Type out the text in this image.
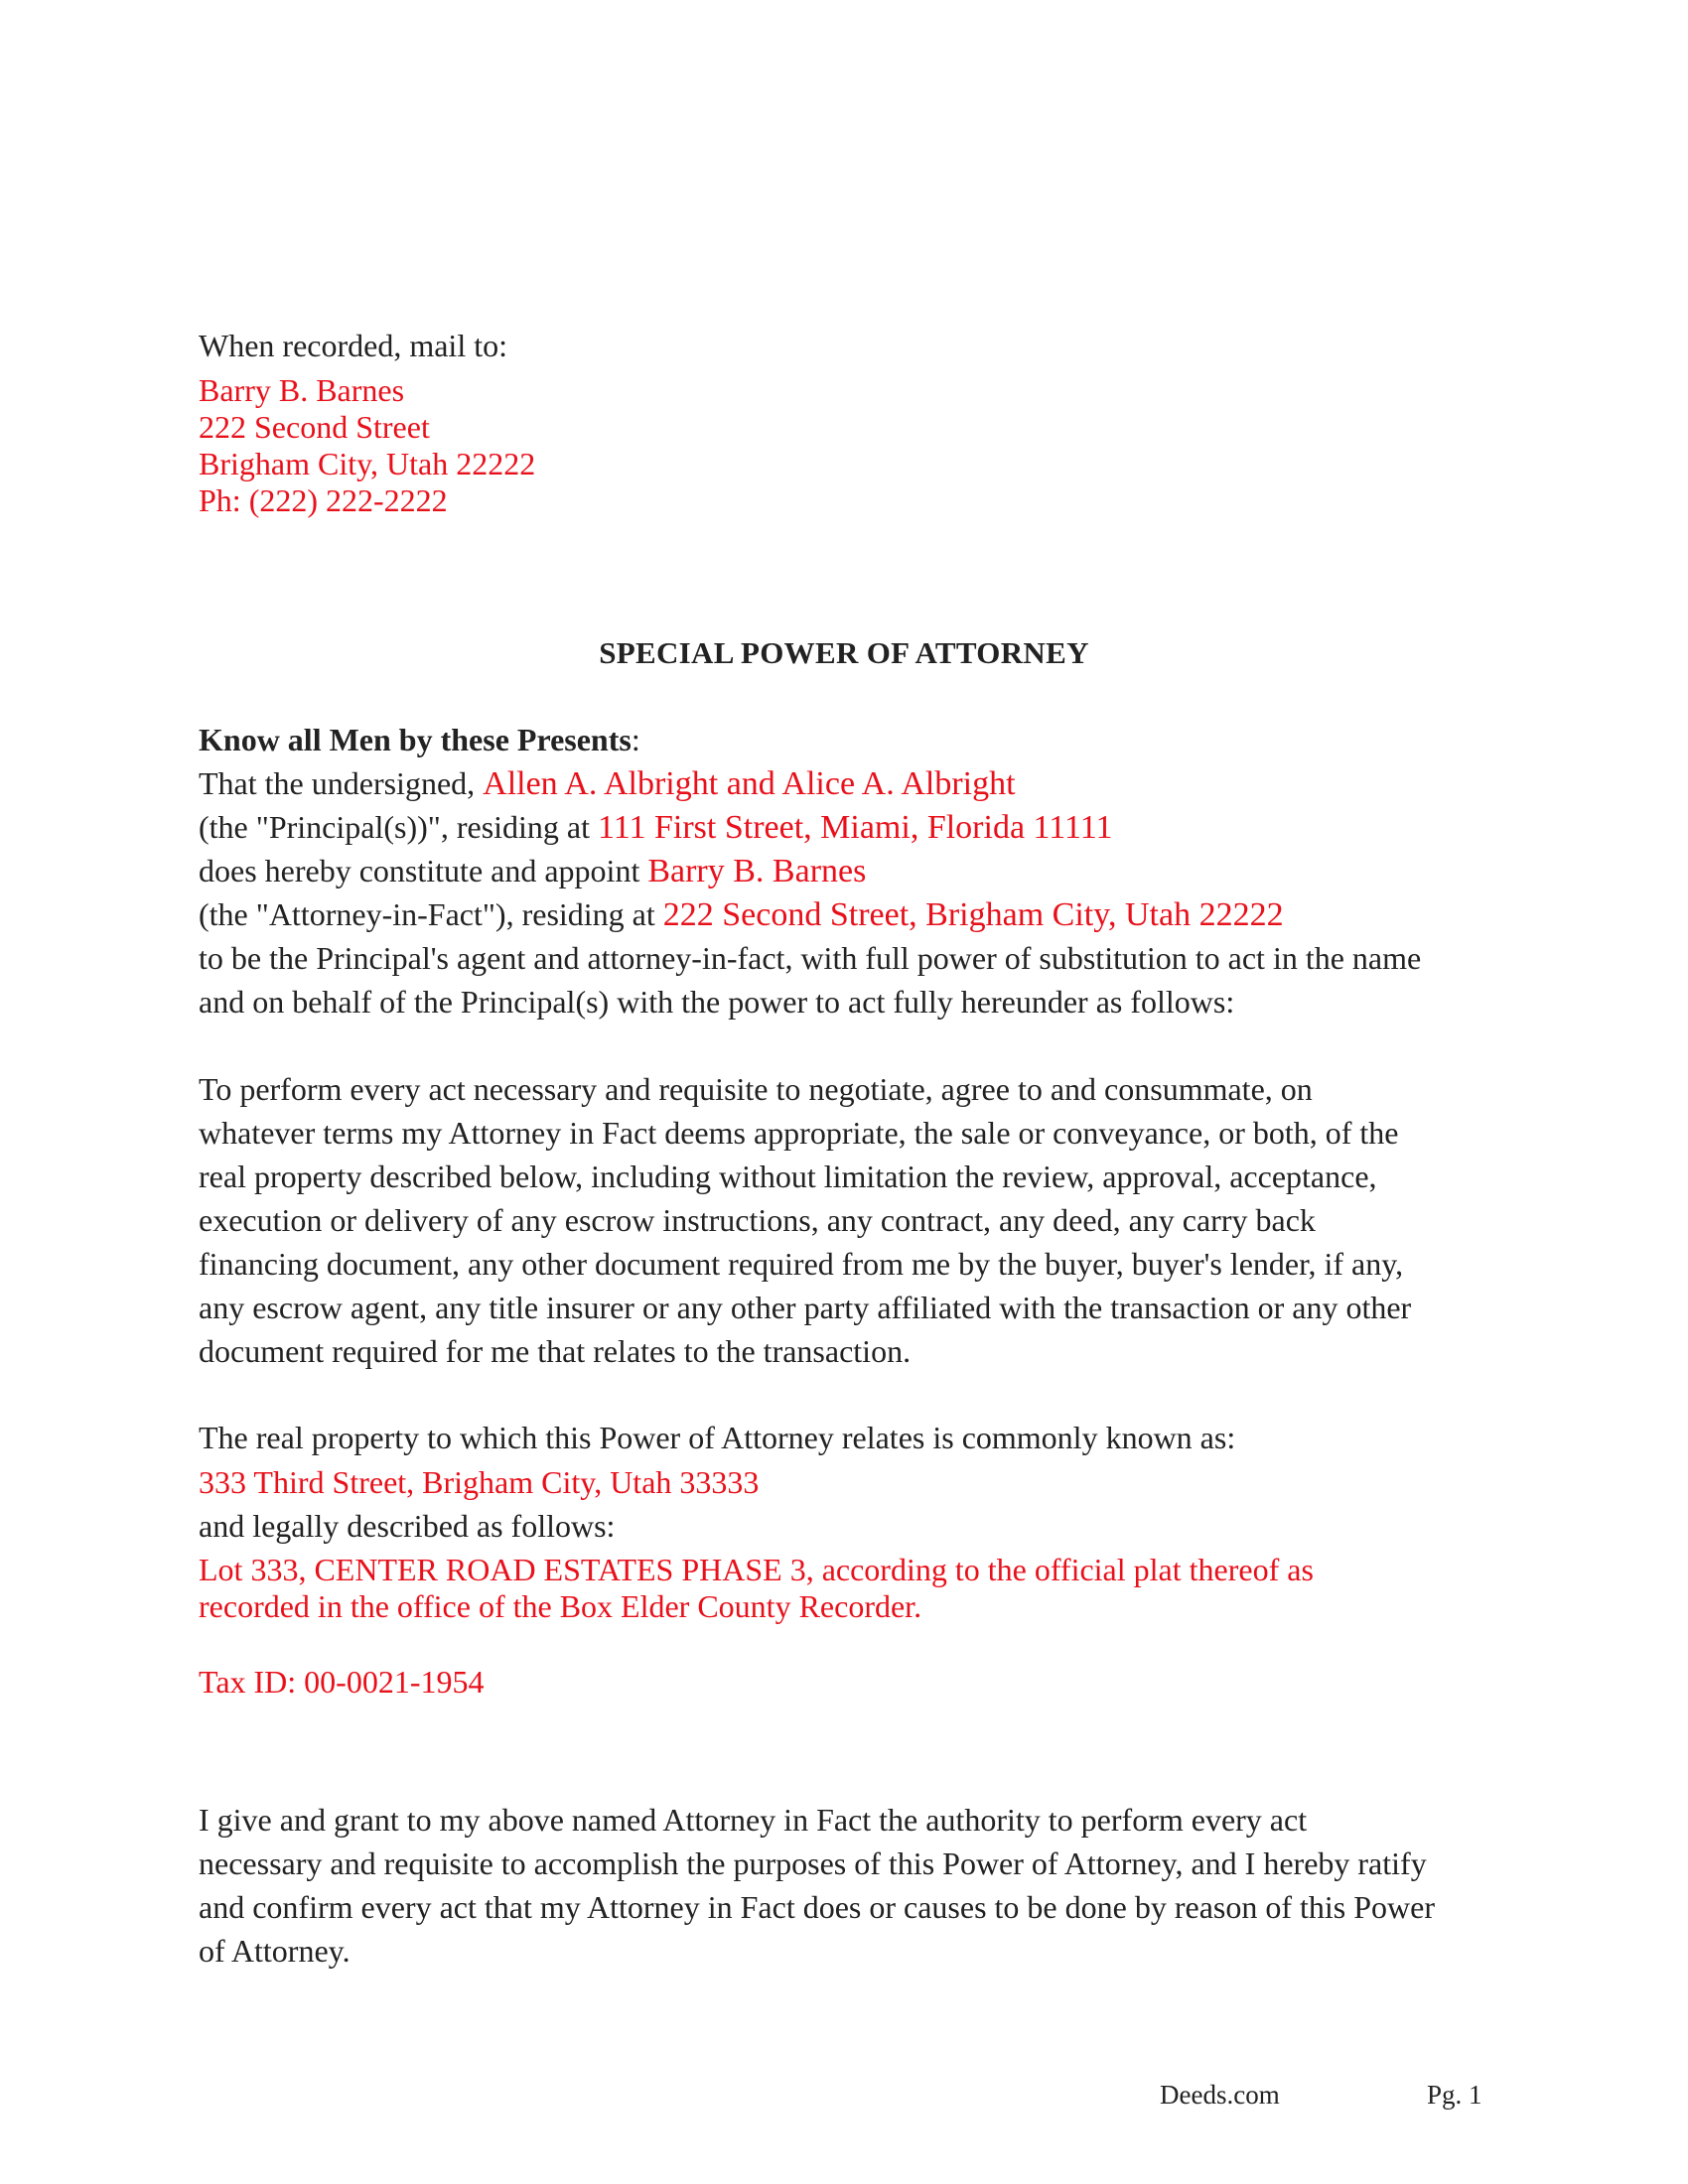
When recorded, mail to:
Barry B. Barnes
222 Second Street
Brigham City, Utah 22222
Ph: (222) 222-2222
SPECIAL POWER OF ATTORNEY
Know all Men by these Presents:
That the undersigned, Allen A. Albright and Alice A. Albright
(the "Principal(s))", residing at 111 First Street, Miami, Florida 11111
does hereby constitute and appoint Barry B. Barnes
(the "Attorney-in-Fact"), residing at 222 Second Street, Brigham City, Utah 22222
to be the Principal's agent and attorney-in-fact, with full power of substitution to act in the name
and on behalf of the Principal(s) with the power to act fully hereunder as follows:
To perform every act necessary and requisite to negotiate, agree to and consummate, on
whatever terms my Attorney in Fact deems appropriate, the sale or conveyance, or both, of the
real property described below, including without limitation the review, approval, acceptance,
execution or delivery of any escrow instructions, any contract, any deed, any carry back
financing document, any other document required from me by the buyer, buyer's lender, if any,
any escrow agent, any title insurer or any other party affiliated with the transaction or any other
document required for me that relates to the transaction.
The real property to which this Power of Attorney relates is commonly known as:
333 Third Street, Brigham City, Utah 33333
and legally described as follows:
Lot 333, CENTER ROAD ESTATES PHASE 3, according to the official plat thereof as
recorded in the office of the Box Elder County Recorder.
Tax ID: 00-0021-1954
I give and grant to my above named Attorney in Fact the authority to perform every act
necessary and requisite to accomplish the purposes of this Power of Attorney, and I hereby ratify
and confirm every act that my Attorney in Fact does or causes to be done by reason of this Power
of Attorney.
Deeds.com	Pg. 1
